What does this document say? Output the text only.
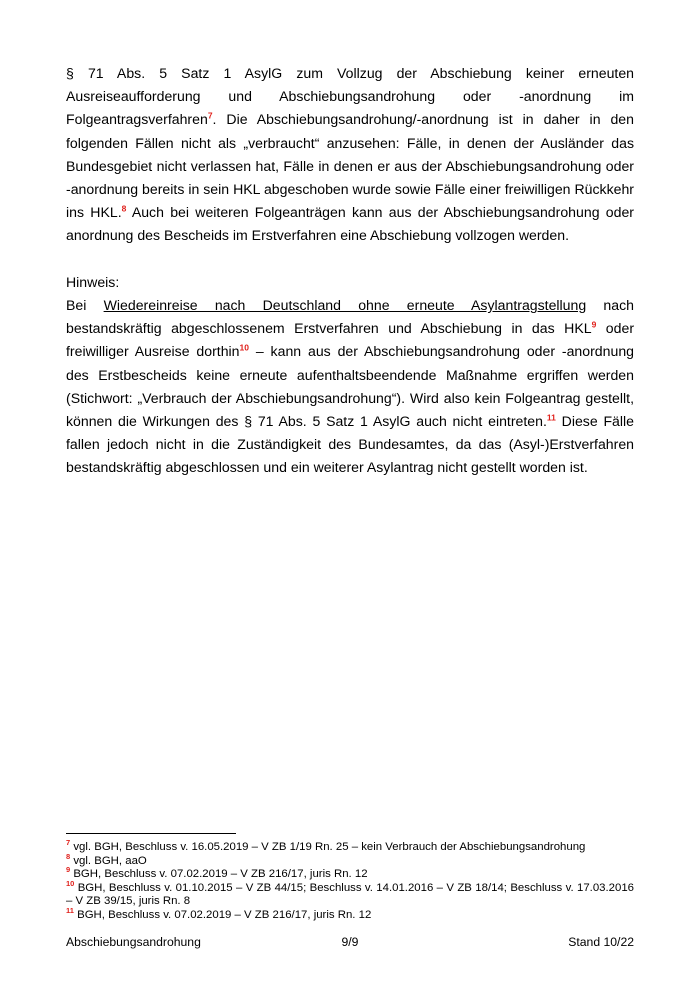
§ 71 Abs. 5 Satz 1 AsylG zum Vollzug der Abschiebung keiner erneuten Ausreiseaufforderung und Abschiebungsandrohung oder -anordnung im Folgeantragsverfahren$^7$. Die Abschiebungsandrohung/-anordnung ist in daher in den folgenden Fällen nicht als „verbraucht“ anzusehen: Fälle, in denen der Ausländer das Bundesgebiet nicht verlassen hat, Fälle in denen er aus der Abschiebungsandrohung oder -anordnung bereits in sein HKL abgeschoben wurde sowie Fälle einer freiwilligen Rückkehr ins HKL.$^8$ Auch bei weiteren Folgeanträgen kann aus der Abschiebungsandrohung oder anordnung des Bescheids im Erstverfahren eine Abschiebung vollzogen werden.

Hinweis:

Bei Wiedereinreise nach Deutschland ohne erneute Asylantragstellung nach bestandskräftig abgeschlossenem Erstverfahren und Abschiebung in das HKL$^9$ oder freiwilliger Ausreise dorthin$^{10}$ – kann aus der Abschiebungsandrohung oder -anordnung des Erstbescheids keine erneute aufenthaltsbeendende Maßnahme ergriffen werden (Stichwort: „Verbrauch der Abschiebungsandrohung“). Wird also kein Folgeantrag gestellt, können die Wirkungen des § 71 Abs. 5 Satz 1 AsylG auch nicht eintreten.$^{11}$ Diese Fälle fallen jedoch nicht in die Zuständigkeit des Bundesamtes, da das (Asyl-)Erstverfahren bestandskräftig abgeschlossen und ein weiterer Asylantrag nicht gestellt worden ist.

$^7$ vgl. BGH, Beschluss v. 16.05.2019 – V ZB 1/19 Rn. 25 – kein Verbrauch der Abschiebungsandrohung

$^8$ vgl. BGH, aaO

$^9$ BGH, Beschluss v. 07.02.2019 – V ZB 216/17, juris Rn. 12

$^{10}$ BGH, Beschluss v. 01.10.2015 – V ZB 44/15; Beschluss v. 14.01.2016 – V ZB 18/14; Beschluss v. 17.03.2016 – V ZB 39/15, juris Rn. 8

$^{11}$ BGH, Beschluss v. 07.02.2019 – V ZB 216/17, juris Rn. 12

Abschiebungsandrohung	9/9	Stand 10/22
